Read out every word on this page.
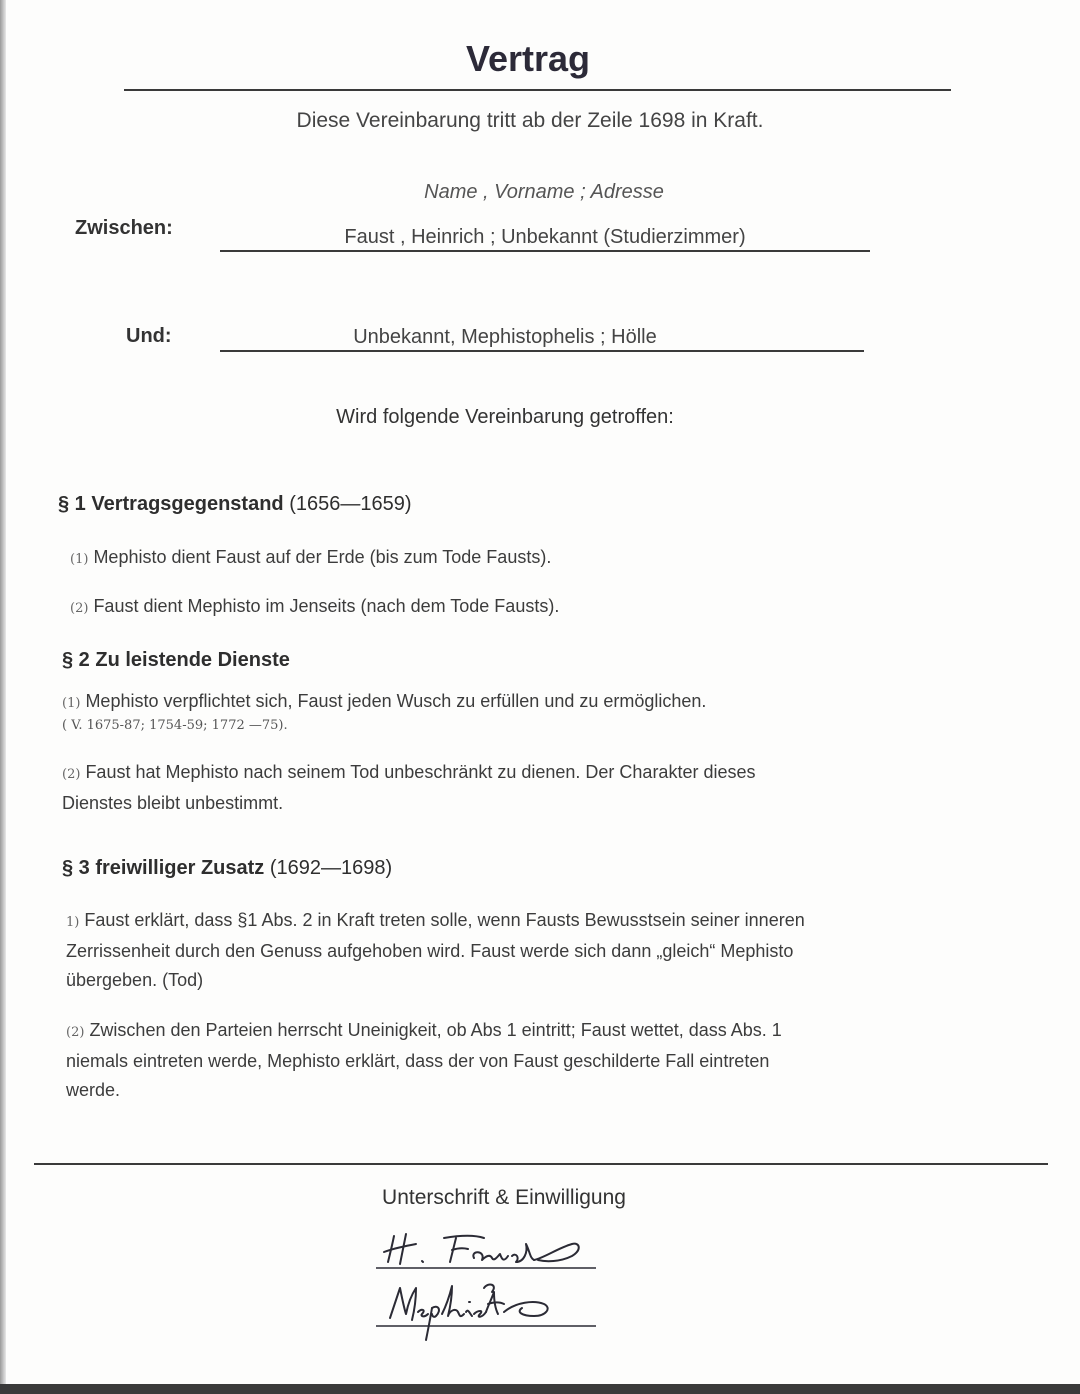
Vertrag
Diese Vereinbarung tritt ab der Zeile 1698 in Kraft.
Name , Vorname ; Adresse
Zwischen:	Faust , Heinrich ; Unbekannt (Studierzimmer)
Und:	Unbekannt, Mephistophelis ; Hölle
Wird folgende Vereinbarung getroffen:
§ 1 Vertragsgegenstand (1656—1659)
(1) Mephisto dient Faust auf der Erde (bis zum Tode Fausts).
(2) Faust dient Mephisto im Jenseits (nach dem Tode Fausts).
§ 2 Zu leistende Dienste
(1) Mephisto verpflichtet sich, Faust jeden Wusch zu erfüllen und zu ermöglichen.
( V. 1675-87; 1754-59; 1772 —75).
(2) Faust hat Mephisto nach seinem Tod unbeschränkt zu dienen. Der Charakter dieses Dienstes bleibt unbestimmt.
§ 3 freiwilliger Zusatz (1692—1698)
1) Faust erklärt, dass §1 Abs. 2 in Kraft treten solle, wenn Fausts Bewusstsein seiner inneren Zerrissenheit durch den Genuss aufgehoben wird. Faust werde sich dann „gleich“ Mephisto übergeben. (Tod)
(2) Zwischen den Parteien herrscht Uneinigkeit, ob Abs 1 eintritt; Faust wettet, dass Abs. 1 niemals eintreten werde, Mephisto erklärt, dass der von Faust geschilderte Fall eintreten werde.
Unterschrift & Einwilligung
